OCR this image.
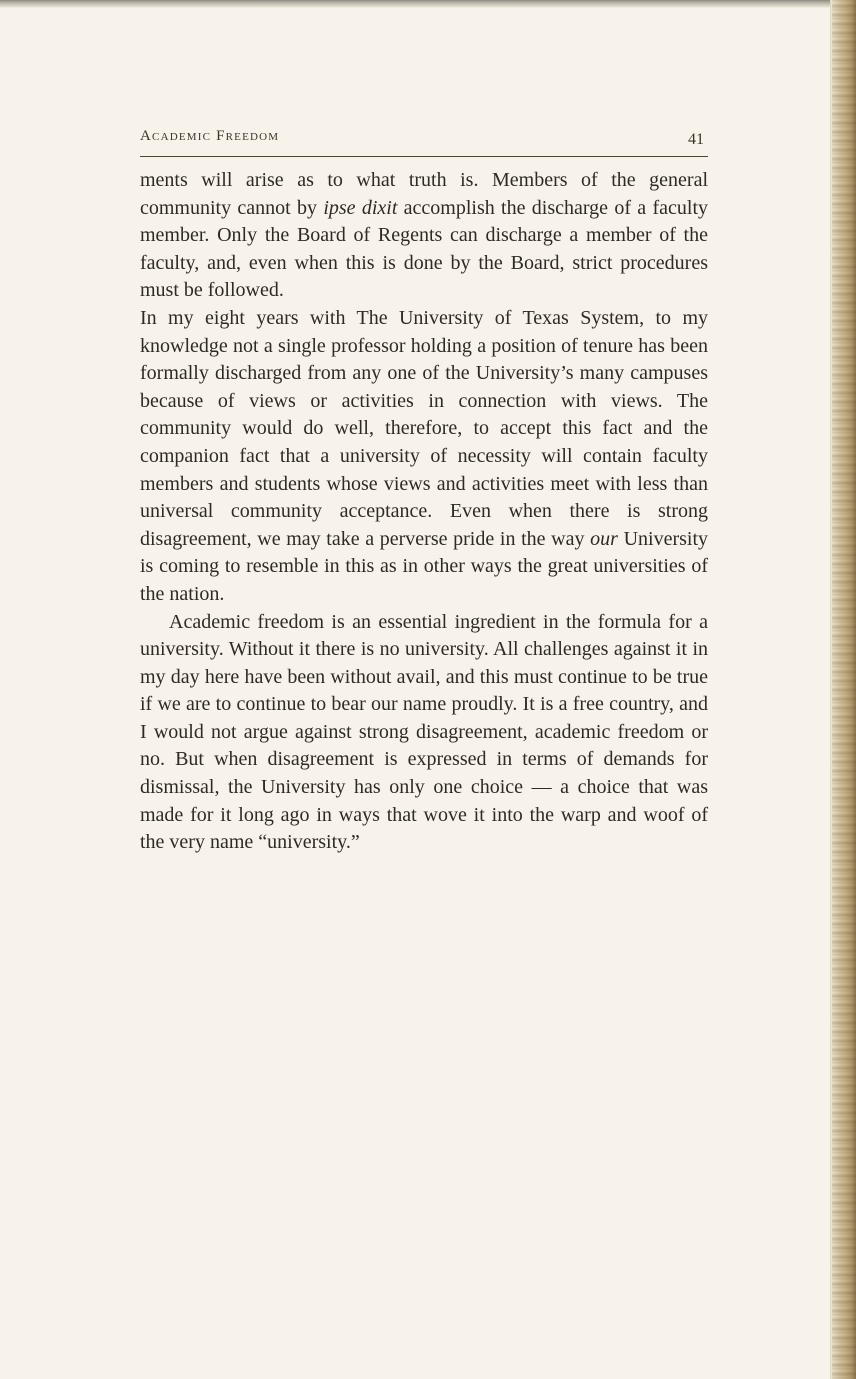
Academic Freedom	41

ments will arise as to what truth is. Members of the general community cannot by ipse dixit accomplish the discharge of a faculty member. Only the Board of Regents can discharge a member of the faculty, and, even when this is done by the Board, strict procedures must be followed.

In my eight years with The University of Texas System, to my knowledge not a single professor holding a position of tenure has been formally discharged from any one of the University’s many campuses because of views or activities in connection with views. The community would do well, therefore, to accept this fact and the companion fact that a university of necessity will contain faculty members and students whose views and activities meet with less than universal community acceptance. Even when there is strong disagreement, we may take a perverse pride in the way our University is coming to resemble in this as in other ways the great universities of the nation.

Academic freedom is an essential ingredient in the formula for a university. Without it there is no university. All challenges against it in my day here have been without avail, and this must continue to be true if we are to continue to bear our name proudly. It is a free country, and I would not argue against strong disagreement, academic freedom or no. But when disagreement is expressed in terms of demands for dismissal, the University has only one choice — a choice that was made for it long ago in ways that wove it into the warp and woof of the very name “university.”
